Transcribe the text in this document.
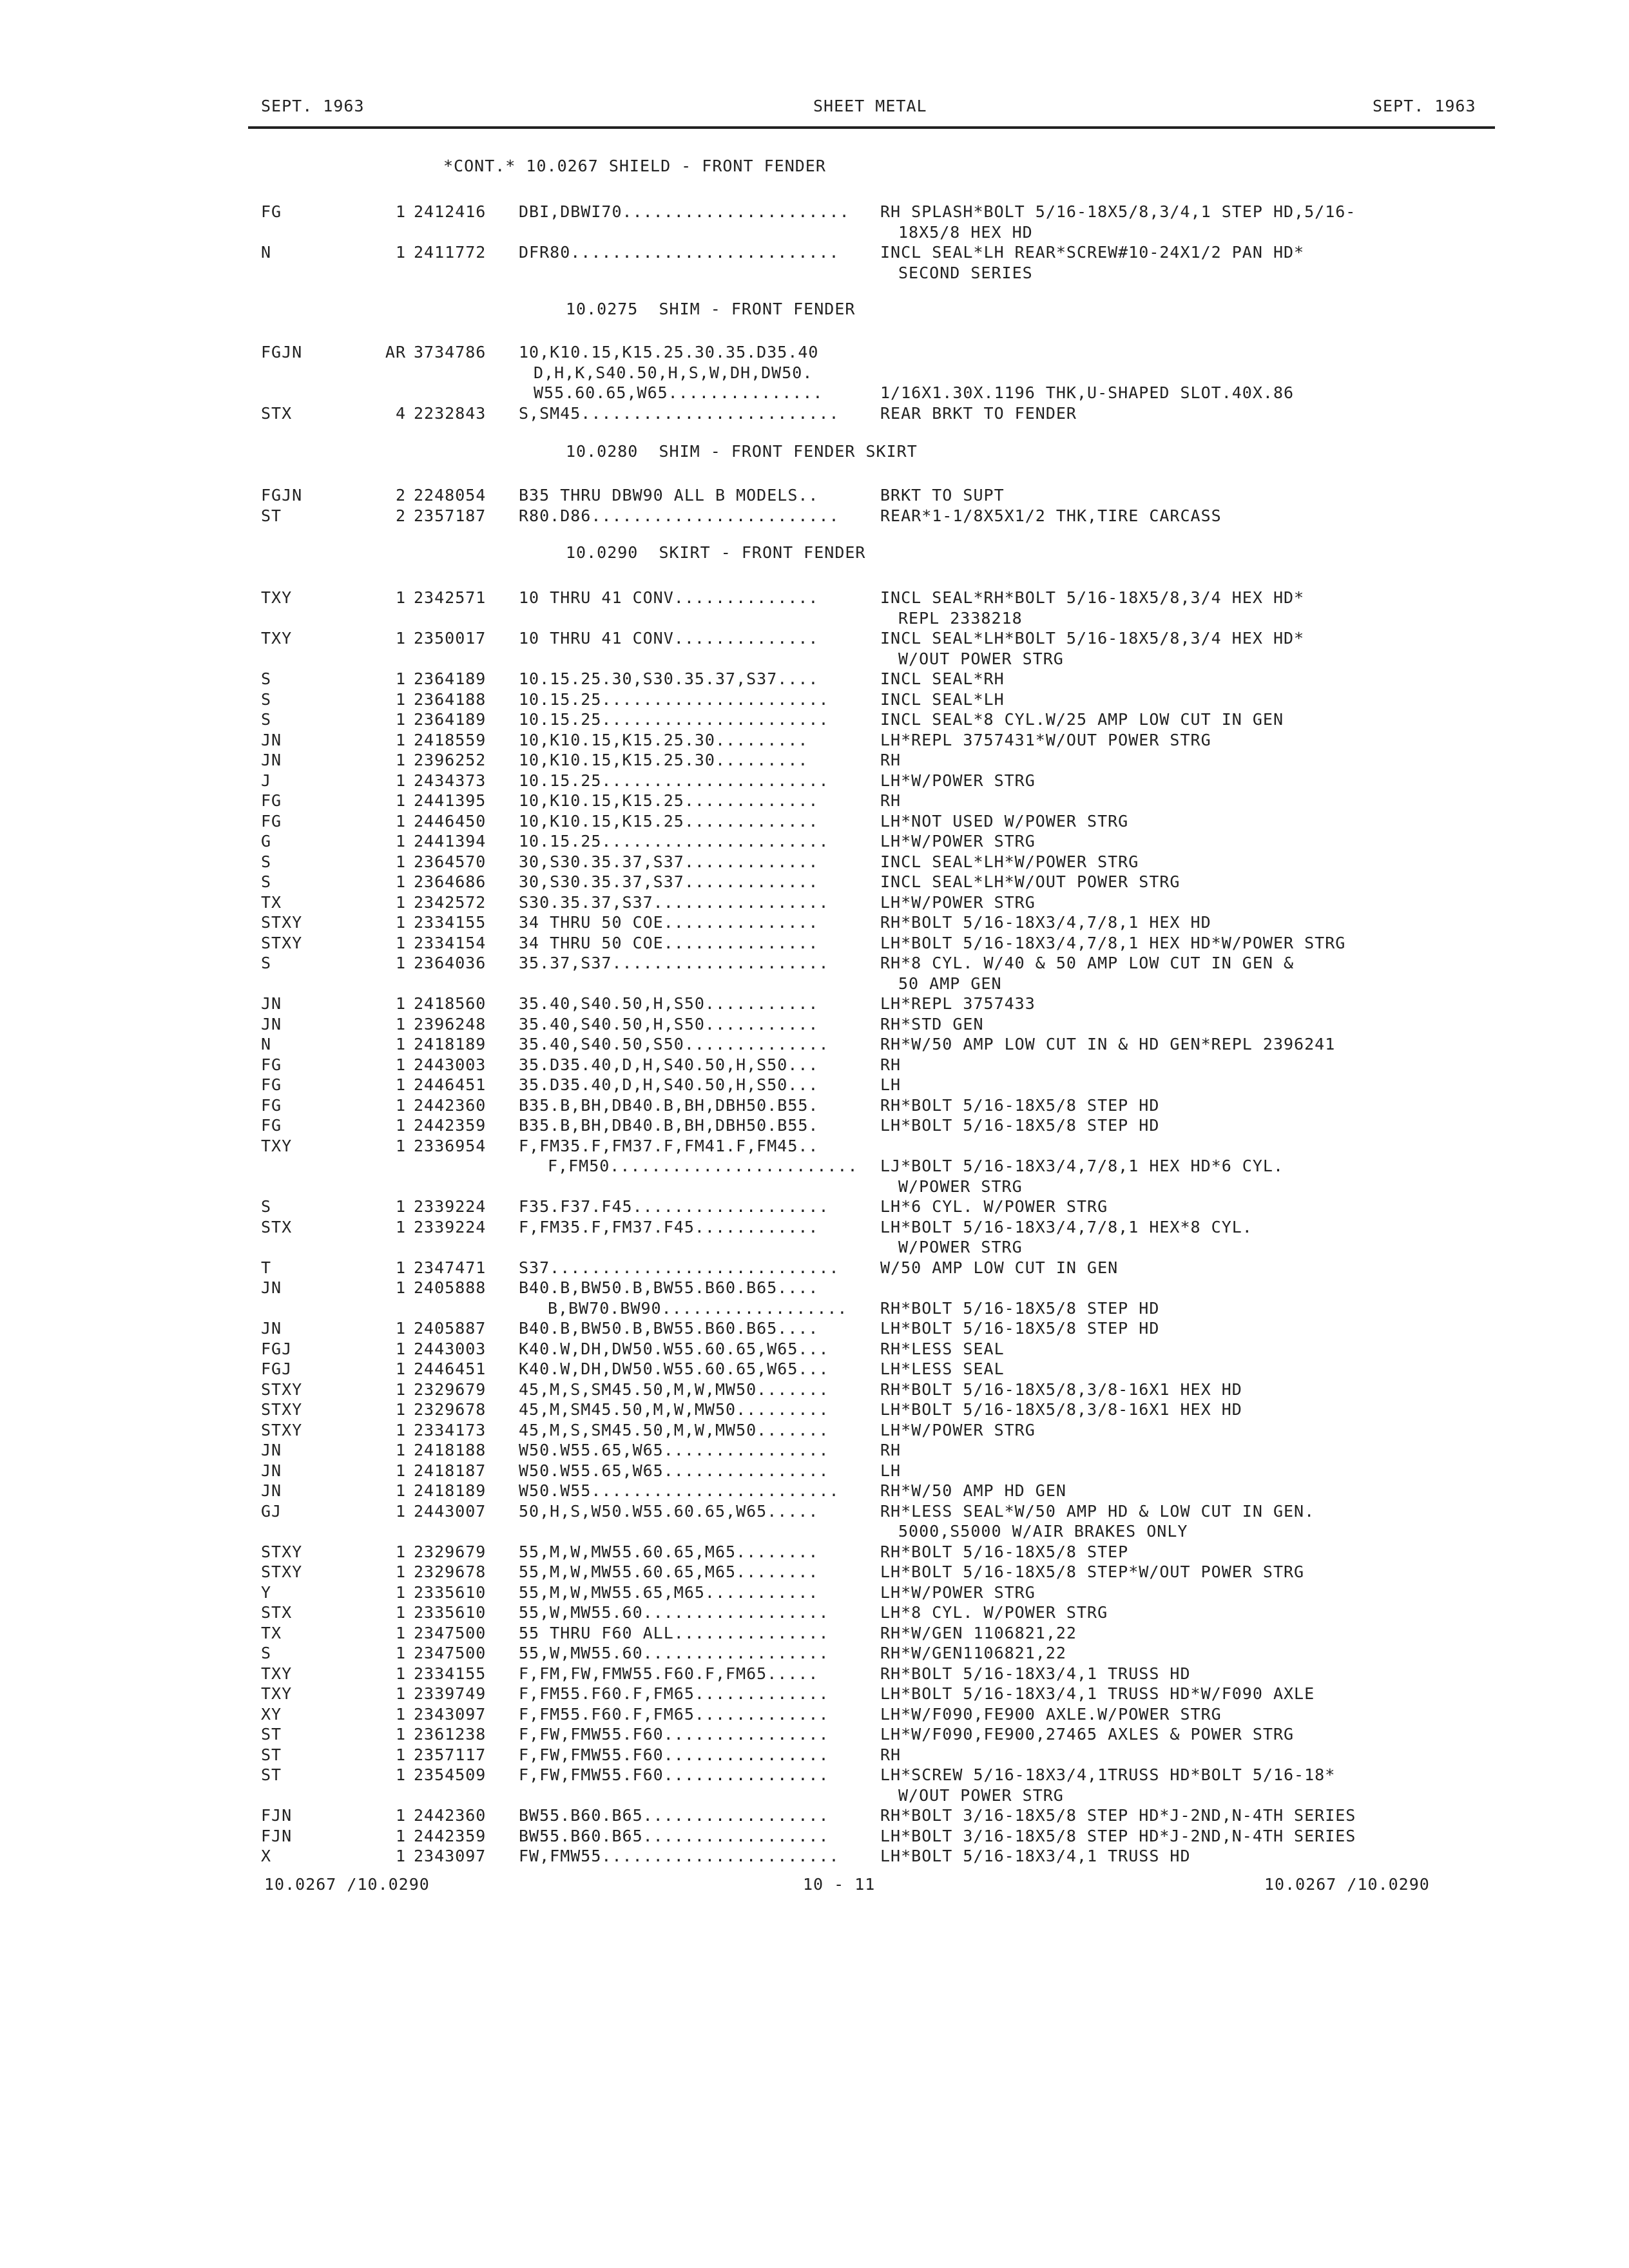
SEPT. 1963	SHEET METAL	SEPT. 1963
*CONT.* 10.0267 SHIELD - FRONT FENDER
FG	1 2412416 DBI,DBWI70...................... RH SPLASH*BOLT 5/16-18X5/8,3/4,1 STEP HD,5/16-
18X5/8 HEX HD
N	1 2411772 DFR80..........................	INCL SEAL*LH REAR*SCREW#10-24X1/2 PAN HD*
SECOND SERIES
10.0275  SHIM - FRONT FENDER
FGJN	AR 3734786 10,K10.15,K15.25.30.35.D35.40
D,H,K,S40.50,H,S,W,DH,DW50.
W55.60.65,W65...............	1/16X1.30X.1196 THK,U-SHAPED SLOT.40X.86
STX	4 2232843 S,SM45.........................	REAR BRKT TO FENDER
10.0280  SHIM - FRONT FENDER SKIRT
FGJN	2 2248054 B35 THRU DBW90 ALL B MODELS..	BRKT TO SUPT
ST	2 2357187 R80.D86........................	REAR*1-1/8X5X1/2 THK,TIRE CARCASS
10.0290  SKIRT - FRONT FENDER
TXY	1 2342571 10 THRU 41 CONV..............	INCL SEAL*RH*BOLT 5/16-18X5/8,3/4 HEX HD*
REPL 2338218
TXY	1 2350017 10 THRU 41 CONV..............	INCL SEAL*LH*BOLT 5/16-18X5/8,3/4 HEX HD*
W/OUT POWER STRG
S	1 2364189 10.15.25.30,S30.35.37,S37....	INCL SEAL*RH
S	1 2364188 10.15.25......................	INCL SEAL*LH
S	1 2364189 10.15.25......................	INCL SEAL*8 CYL.W/25 AMP LOW CUT IN GEN
JN	1 2418559 10,K10.15,K15.25.30.........	LH*REPL 3757431*W/OUT POWER STRG
JN	1 2396252 10,K10.15,K15.25.30.........	RH
J	1 2434373 10.15.25......................	LH*W/POWER STRG
FG	1 2441395 10,K10.15,K15.25.............	RH
FG	1 2446450 10,K10.15,K15.25.............	LH*NOT USED W/POWER STRG
G	1 2441394 10.15.25......................	LH*W/POWER STRG
S	1 2364570 30,S30.35.37,S37.............	INCL SEAL*LH*W/POWER STRG
S	1 2364686 30,S30.35.37,S37.............	INCL SEAL*LH*W/OUT POWER STRG
TX	1 2342572 S30.35.37,S37.................	LH*W/POWER STRG
STXY	1 2334155 34 THRU 50 COE...............	RH*BOLT 5/16-18X3/4,7/8,1 HEX HD
STXY	1 2334154 34 THRU 50 COE...............	LH*BOLT 5/16-18X3/4,7/8,1 HEX HD*W/POWER STRG
S	1 2364036 35.37,S37.....................	RH*8 CYL. W/40 & 50 AMP LOW CUT IN GEN &
50 AMP GEN
JN	1 2418560 35.40,S40.50,H,S50...........	LH*REPL 3757433
JN	1 2396248 35.40,S40.50,H,S50...........	RH*STD GEN
N	1 2418189 35.40,S40.50,S50..............	RH*W/50 AMP LOW CUT IN & HD GEN*REPL 2396241
FG	1 2443003 35.D35.40,D,H,S40.50,H,S50...	RH
FG	1 2446451 35.D35.40,D,H,S40.50,H,S50...	LH
FG	1 2442360 B35.B,BH,DB40.B,BH,DBH50.B55.	RH*BOLT 5/16-18X5/8 STEP HD
FG	1 2442359 B35.B,BH,DB40.B,BH,DBH50.B55.	LH*BOLT 5/16-18X5/8 STEP HD
TXY	1 2336954 F,FM35.F,FM37.F,FM41.F,FM45..
F,FM50........................ LJ*BOLT 5/16-18X3/4,7/8,1 HEX HD*6 CYL.
W/POWER STRG
S	1 2339224 F35.F37.F45...................	LH*6 CYL. W/POWER STRG
STX	1 2339224 F,FM35.F,FM37.F45............	LH*BOLT 5/16-18X3/4,7/8,1 HEX*8 CYL.
W/POWER STRG
T	1 2347471 S37............................	W/50 AMP LOW CUT IN GEN
JN	1 2405888 B40.B,BW50.B,BW55.B60.B65....
B,BW70.BW90.................. RH*BOLT 5/16-18X5/8 STEP HD
JN	1 2405887 B40.B,BW50.B,BW55.B60.B65....	LH*BOLT 5/16-18X5/8 STEP HD
FGJ	1 2443003 K40.W,DH,DW50.W55.60.65,W65...	RH*LESS SEAL
FGJ	1 2446451 K40.W,DH,DW50.W55.60.65,W65...	LH*LESS SEAL
STXY	1 2329679 45,M,S,SM45.50,M,W,MW50.......	RH*BOLT 5/16-18X5/8,3/8-16X1 HEX HD
STXY	1 2329678 45,M,SM45.50,M,W,MW50.........	LH*BOLT 5/16-18X5/8,3/8-16X1 HEX HD
STXY	1 2334173 45,M,S,SM45.50,M,W,MW50.......	LH*W/POWER STRG
JN	1 2418188 W50.W55.65,W65................	RH
JN	1 2418187 W50.W55.65,W65................	LH
JN	1 2418189 W50.W55........................	RH*W/50 AMP HD GEN
GJ	1 2443007 50,H,S,W50.W55.60.65,W65.....	RH*LESS SEAL*W/50 AMP HD & LOW CUT IN GEN.
5000,S5000 W/AIR BRAKES ONLY
STXY	1 2329679 55,M,W,MW55.60.65,M65........	RH*BOLT 5/16-18X5/8 STEP
STXY	1 2329678 55,M,W,MW55.60.65,M65........	LH*BOLT 5/16-18X5/8 STEP*W/OUT POWER STRG
Y	1 2335610 55,M,W,MW55.65,M65...........	LH*W/POWER STRG
STX	1 2335610 55,W,MW55.60..................	LH*8 CYL. W/POWER STRG
TX	1 2347500 55 THRU F60 ALL...............	RH*W/GEN 1106821,22
S	1 2347500 55,W,MW55.60..................	RH*W/GEN1106821,22
TXY	1 2334155 F,FM,FW,FMW55.F60.F,FM65.....	RH*BOLT 5/16-18X3/4,1 TRUSS HD
TXY	1 2339749 F,FM55.F60.F,FM65.............	LH*BOLT 5/16-18X3/4,1 TRUSS HD*W/F090 AXLE
XY	1 2343097 F,FM55.F60.F,FM65.............	LH*W/F090,FE900 AXLE.W/POWER STRG
ST	1 2361238 F,FW,FMW55.F60................	LH*W/F090,FE900,27465 AXLES & POWER STRG
ST	1 2357117 F,FW,FMW55.F60................	RH
ST	1 2354509 F,FW,FMW55.F60................	LH*SCREW 5/16-18X3/4,1TRUSS HD*BOLT 5/16-18*
W/OUT POWER STRG
FJN	1 2442360 BW55.B60.B65..................	RH*BOLT 3/16-18X5/8 STEP HD*J-2ND,N-4TH SERIES
FJN	1 2442359 BW55.B60.B65..................	LH*BOLT 3/16-18X5/8 STEP HD*J-2ND,N-4TH SERIES
X	1 2343097 FW,FMW55.......................	LH*BOLT 5/16-18X3/4,1 TRUSS HD
10.0267 /10.0290	10 - 11	10.0267 /10.0290
